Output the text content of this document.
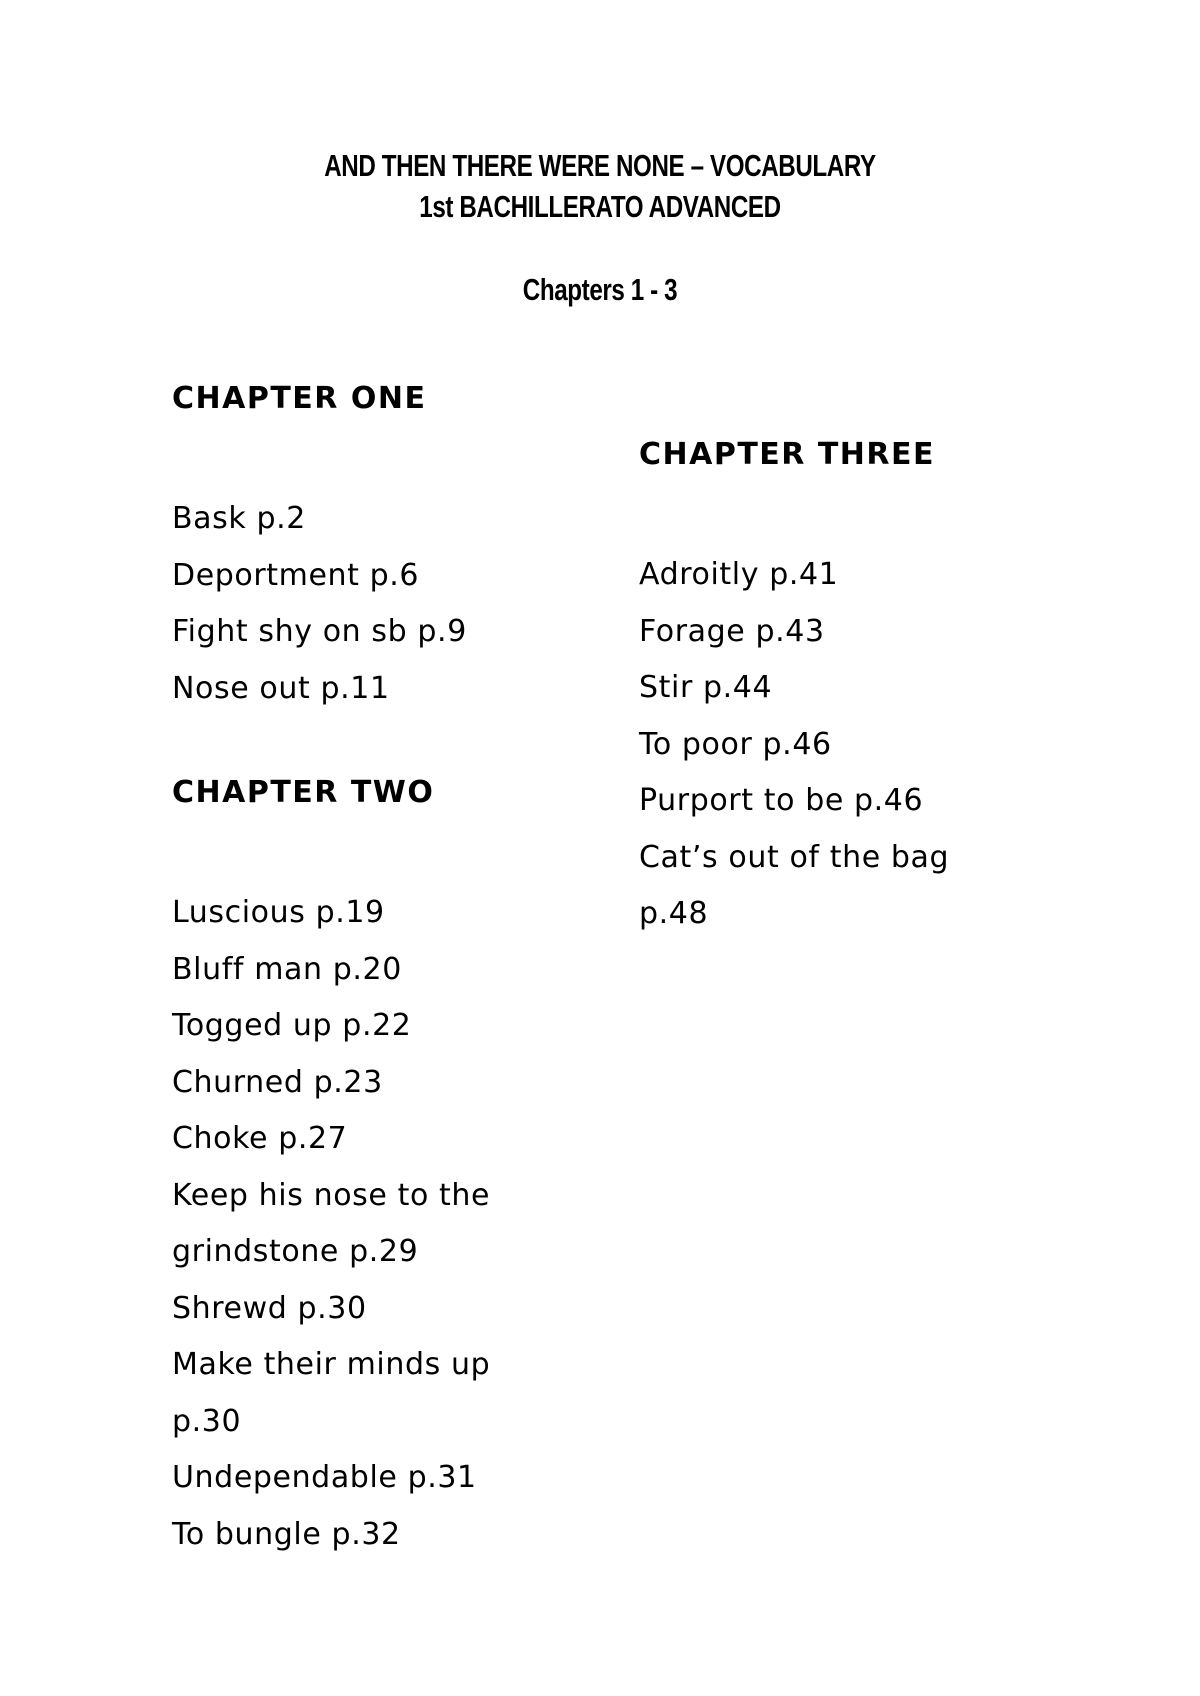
AND THEN THERE WERE NONE – VOCABULARY
1st BACHILLERATO ADVANCED
Chapters 1 - 3
CHAPTER ONE
Bask p.2
Deportment p.6
Fight shy on sb p.9
Nose out p.11
CHAPTER TWO
Luscious p.19
Bluff man p.20
Togged up p.22
Churned p.23
Choke p.27
Keep his nose to the
grindstone p.29
Shrewd p.30
Make their minds up
p.30
Undependable p.31
To bungle p.32
CHAPTER THREE
Adroitly p.41
Forage p.43
Stir p.44
To poor p.46
Purport to be p.46
Cat’s out of the bag
p.48
